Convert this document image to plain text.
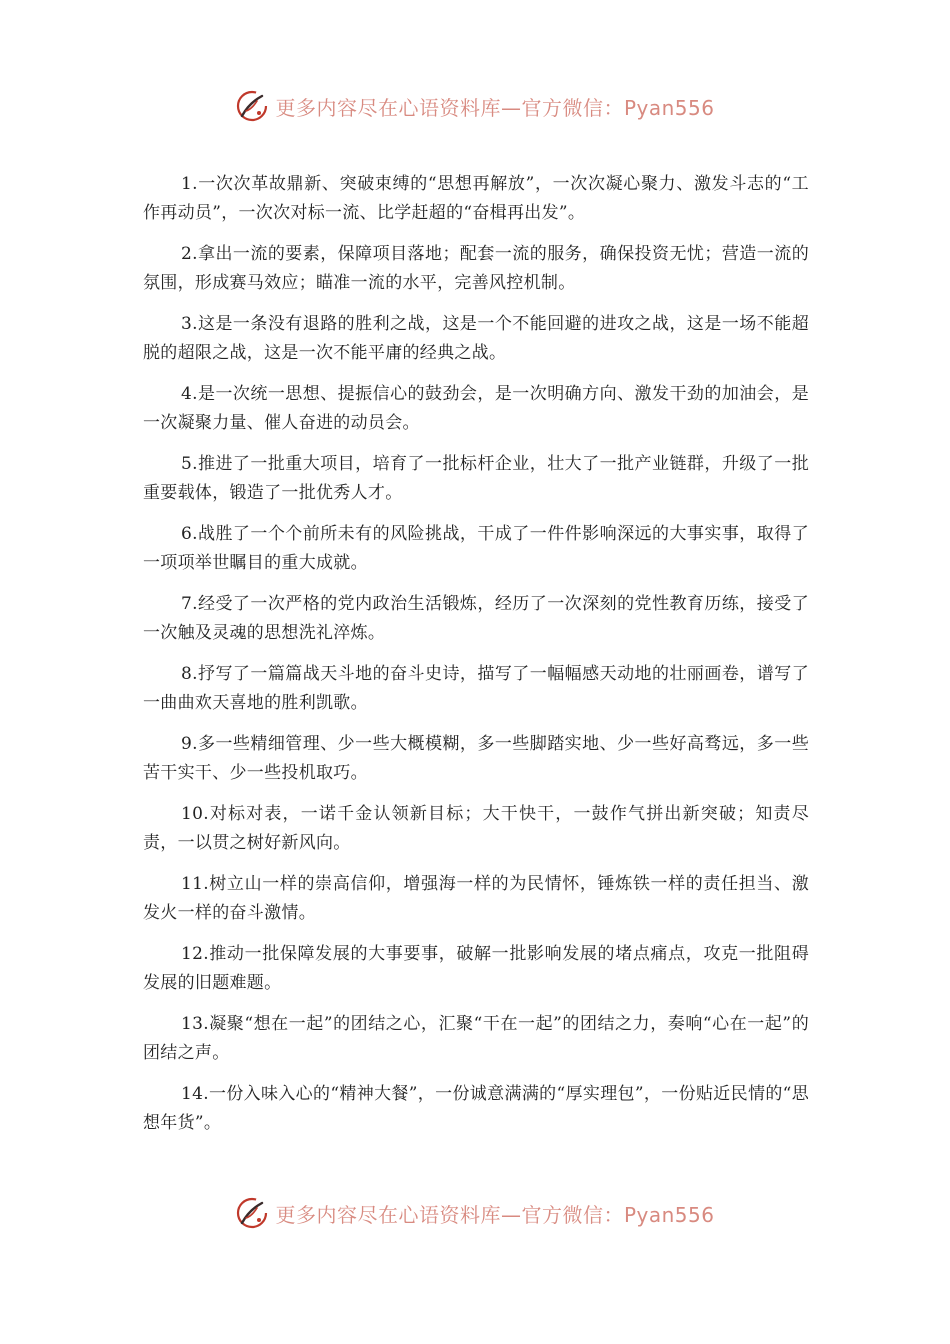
更多内容尽在心语资料库—官方微信：Pyan556

1.一次次革故鼎新、突破束缚的“思想再解放”，一次次凝心聚力、激发斗志的“工作再动员”，一次次对标一流、比学赶超的“奋楫再出发”。

2.拿出一流的要素，保障项目落地；配套一流的服务，确保投资无忧；营造一流的氛围，形成赛马效应；瞄准一流的水平，完善风控机制。

3.这是一条没有退路的胜利之战，这是一个不能回避的进攻之战，这是一场不能超脱的超限之战，这是一次不能平庸的经典之战。

4.是一次统一思想、提振信心的鼓劲会，是一次明确方向、激发干劲的加油会，是一次凝聚力量、催人奋进的动员会。

5.推进了一批重大项目，培育了一批标杆企业，壮大了一批产业链群，升级了一批重要载体，锻造了一批优秀人才。

6.战胜了一个个前所未有的风险挑战，干成了一件件影响深远的大事实事，取得了一项项举世瞩目的重大成就。

7.经受了一次严格的党内政治生活锻炼，经历了一次深刻的党性教育历练，接受了一次触及灵魂的思想洗礼淬炼。

8.抒写了一篇篇战天斗地的奋斗史诗，描写了一幅幅感天动地的壮丽画卷，谱写了一曲曲欢天喜地的胜利凯歌。

9.多一些精细管理、少一些大概模糊，多一些脚踏实地、少一些好高骛远，多一些苦干实干、少一些投机取巧。

10.对标对表，一诺千金认领新目标；大干快干，一鼓作气拼出新突破；知责尽责，一以贯之树好新风向。

11.树立山一样的崇高信仰，增强海一样的为民情怀，锤炼铁一样的责任担当、激发火一样的奋斗激情。

12.推动一批保障发展的大事要事，破解一批影响发展的堵点痛点，攻克一批阻碍发展的旧题难题。

13.凝聚“想在一起”的团结之心，汇聚“干在一起”的团结之力，奏响“心在一起”的团结之声。

14.一份入味入心的“精神大餐”，一份诚意满满的“厚实理包”，一份贴近民情的“思想年货”。

更多内容尽在心语资料库—官方微信：Pyan556
